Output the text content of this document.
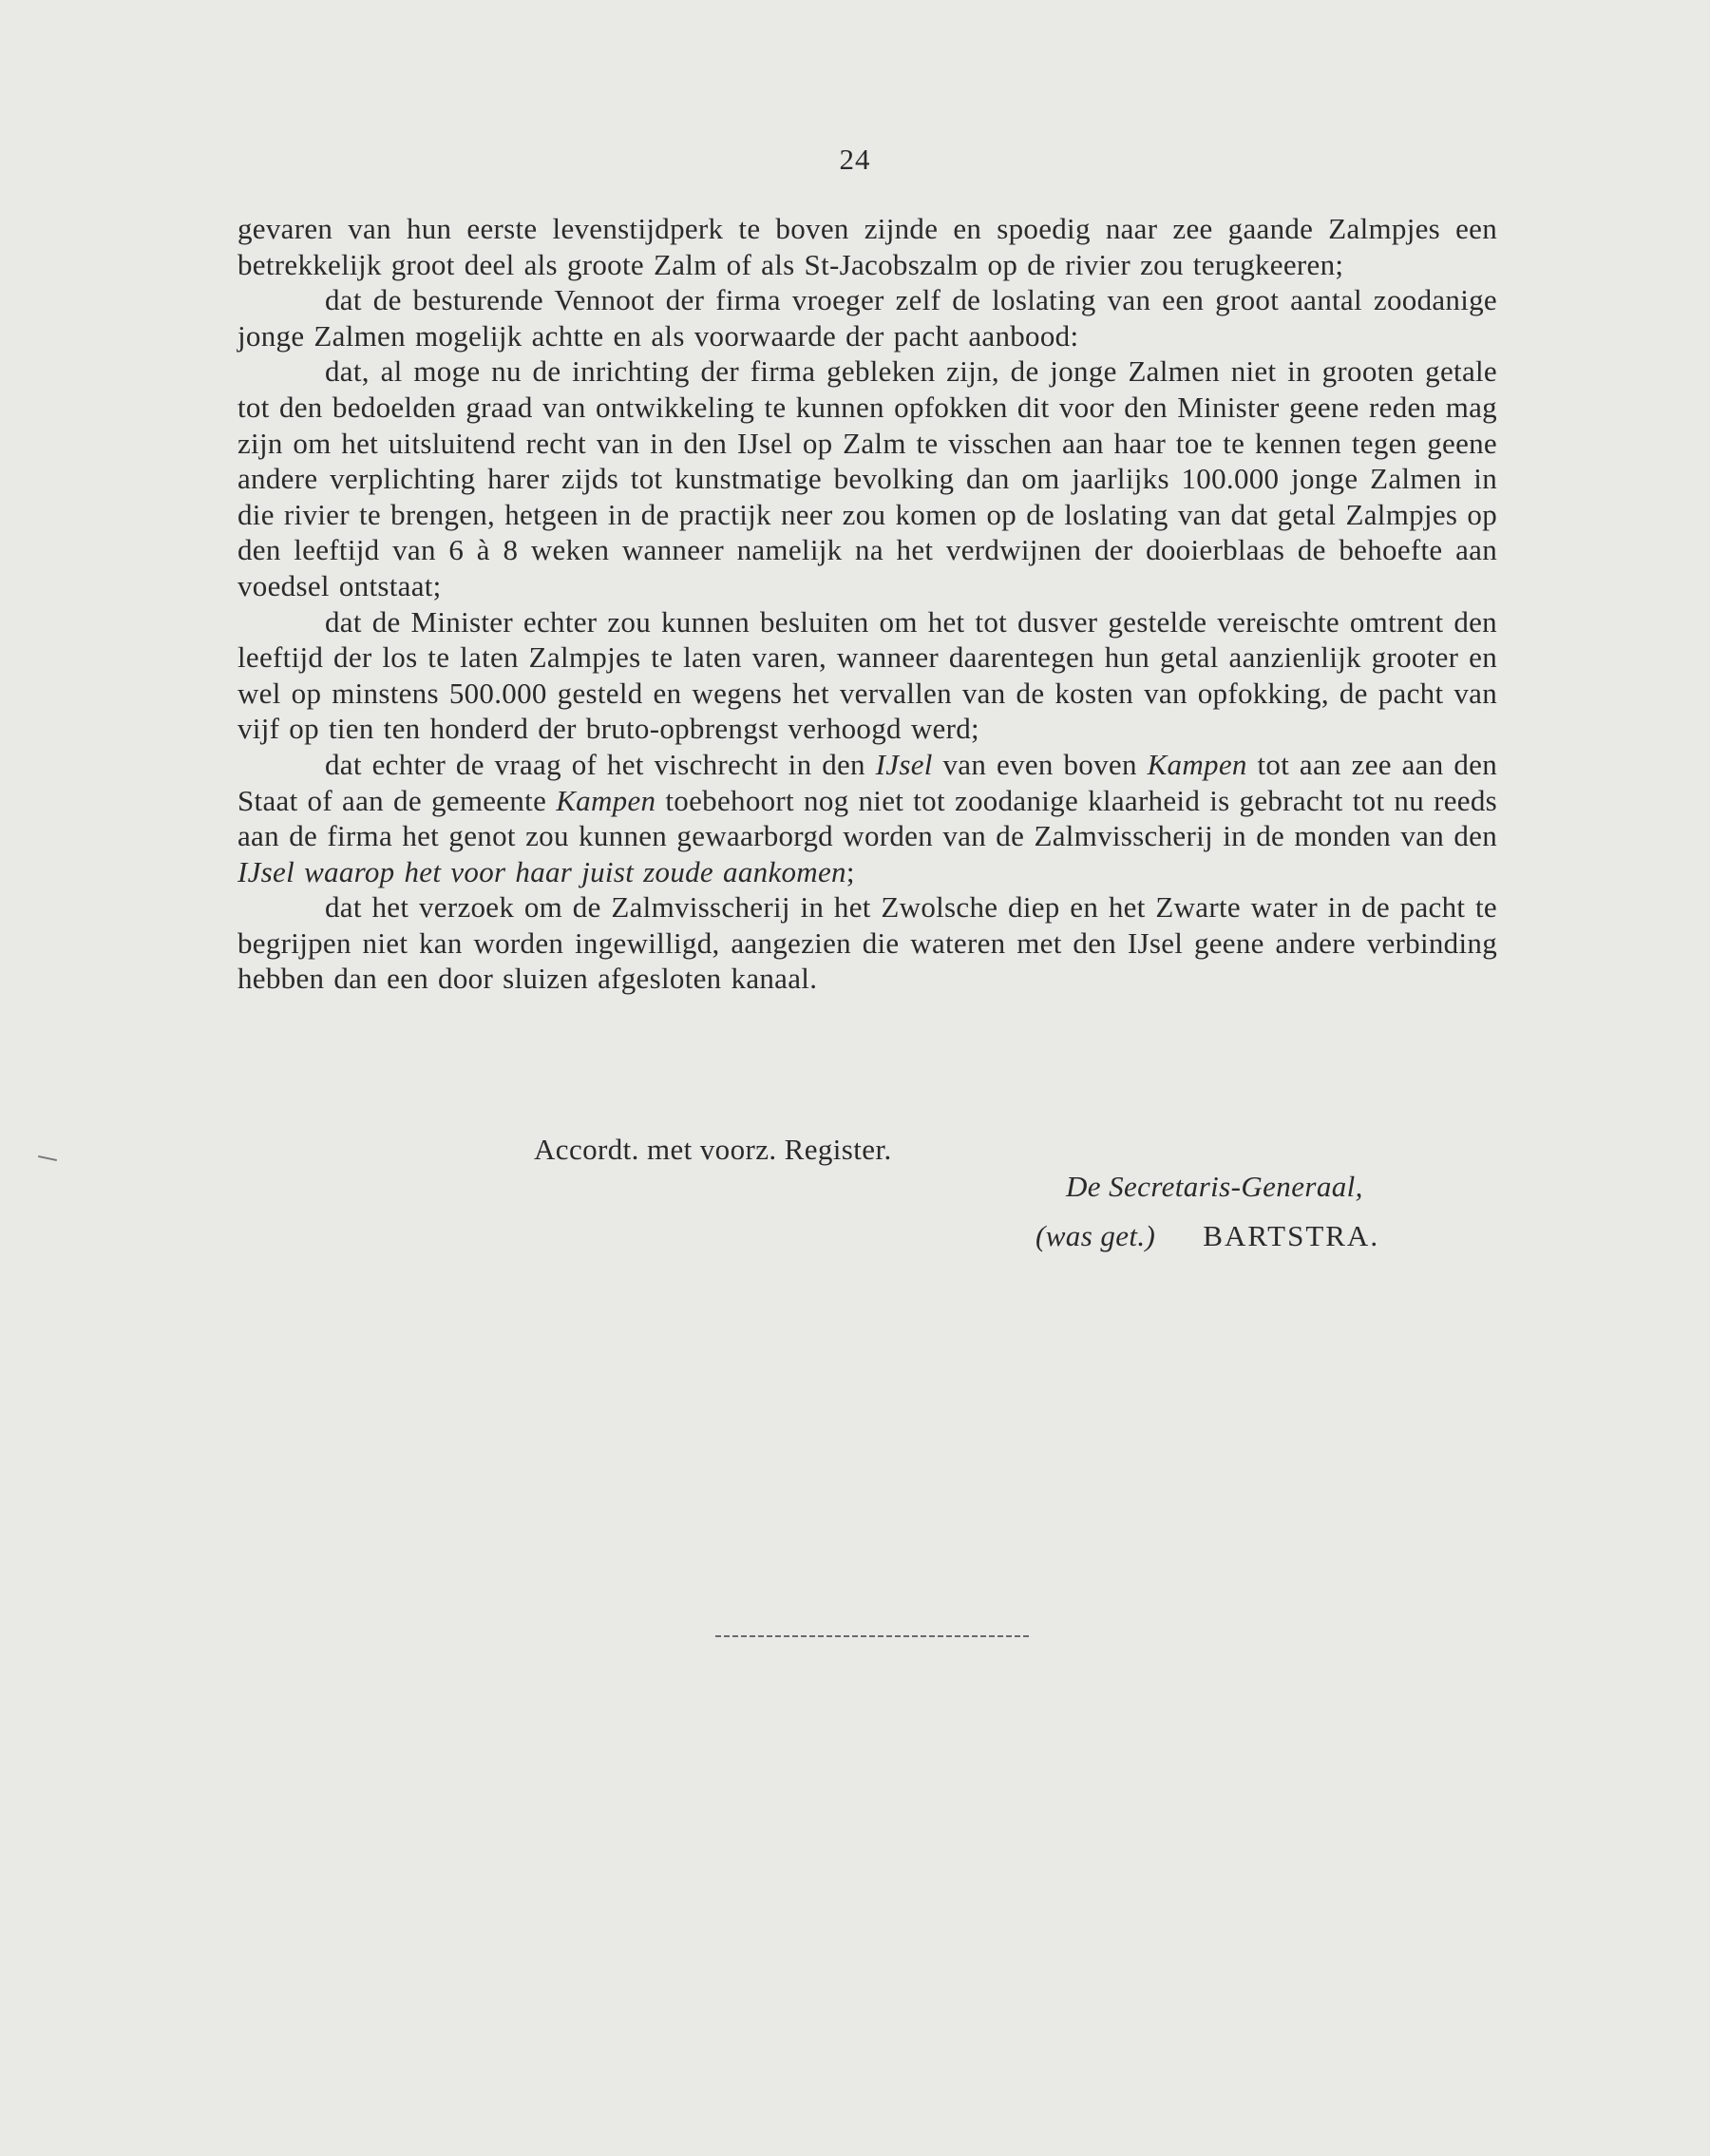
24

gevaren van hun eerste levenstijdperk te boven zijnde en spoedig naar zee gaande Zalmpjes een betrekkelijk groot deel als groote Zalm of als St-Jacobszalm op de rivier zou terugkeeren;

dat de besturende Vennoot der firma vroeger zelf de loslating van een groot aantal zoodanige jonge Zalmen mogelijk achtte en als voorwaarde der pacht aanbood:

dat, al moge nu de inrichting der firma gebleken zijn, de jonge Zalmen niet in grooten getale tot den bedoelden graad van ontwikkeling te kunnen opfokken dit voor den Minister geene reden mag zijn om het uitsluitend recht van in den IJsel op Zalm te visschen aan haar toe te kennen tegen geene andere verplichting harer zijds tot kunstmatige bevolking dan om jaarlijks 100.000 jonge Zalmen in die rivier te brengen, hetgeen in de practijk neer zou komen op de loslating van dat getal Zalmpjes op den leeftijd van 6 à 8 weken wanneer namelijk na het verdwijnen der dooierblaas de behoefte aan voedsel ontstaat;

dat de Minister echter zou kunnen besluiten om het tot dusver gestelde vereischte omtrent den leeftijd der los te laten Zalmpjes te laten varen, wanneer daarentegen hun getal aanzienlijk grooter en wel op minstens 500.000 gesteld en wegens het vervallen van de kosten van opfokking, de pacht van vijf op tien ten honderd der bruto-opbrengst verhoogd werd;

dat echter de vraag of het vischrecht in den IJsel van even boven Kampen tot aan zee aan den Staat of aan de gemeente Kampen toebehoort nog niet tot zoodanige klaarheid is gebracht tot nu reeds aan de firma het genot zou kunnen gewaarborgd worden van de Zalmvisscherij in de monden van den IJsel waarop het voor haar juist zoude aankomen;

dat het verzoek om de Zalmvisscherij in het Zwolsche diep en het Zwarte water in de pacht te begrijpen niet kan worden ingewilligd, aangezien die wateren met den IJsel geene andere verbinding hebben dan een door sluizen afgesloten kanaal.

Accordt. met voorz. Register.
De Secretaris-Generaal,
(was get.) BARTSTRA.
